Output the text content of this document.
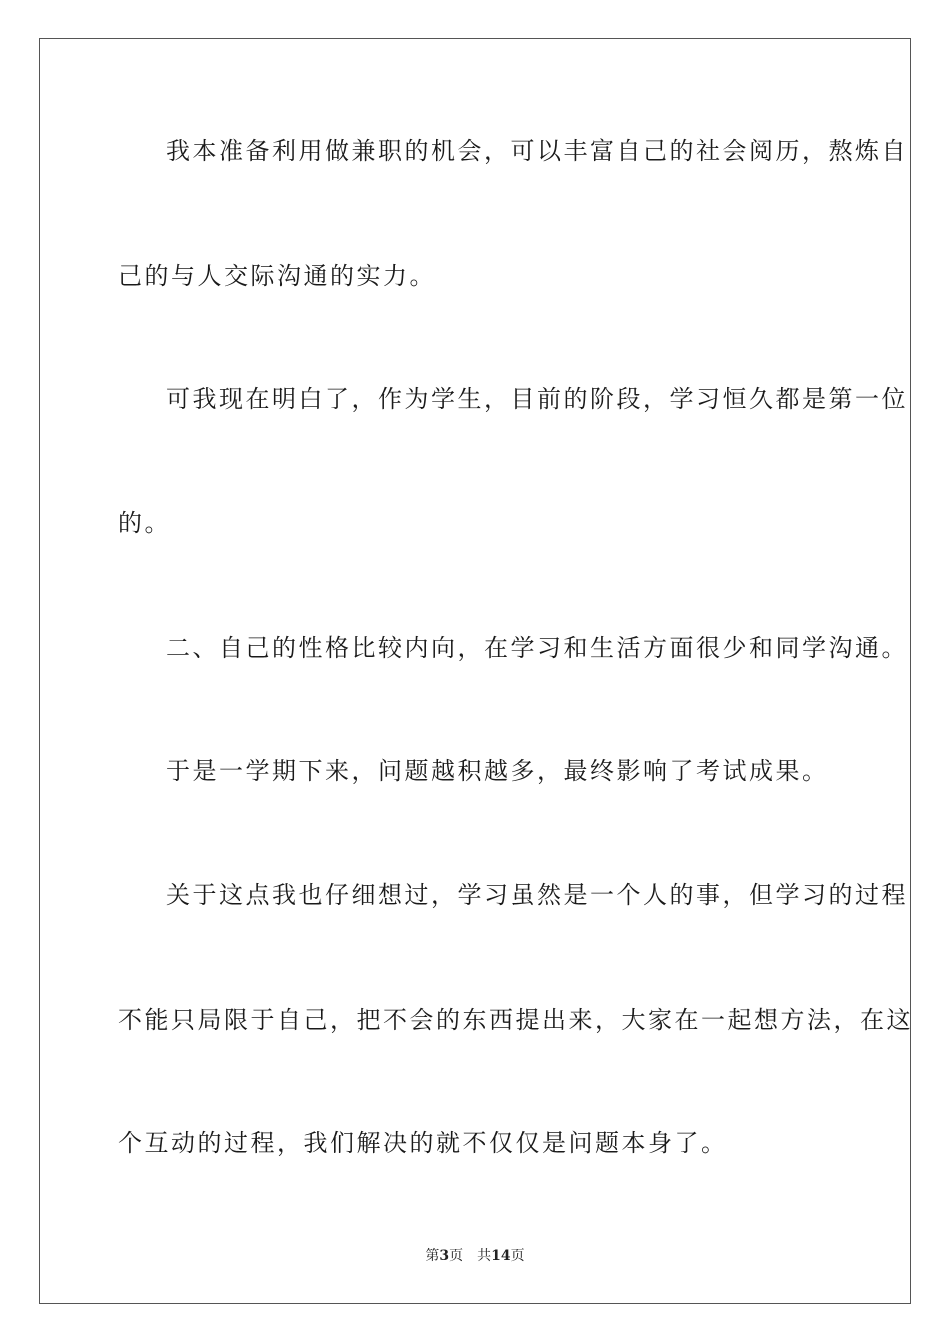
我本准备利用做兼职的机会，可以丰富自己的社会阅历，熬炼自
己的与人交际沟通的实力。
可我现在明白了，作为学生，目前的阶段，学习恒久都是第一位
的。
二、自己的性格比较内向，在学习和生活方面很少和同学沟通。
于是一学期下来，问题越积越多，最终影响了考试成果。
关于这点我也仔细想过，学习虽然是一个人的事，但学习的过程
不能只局限于自己，把不会的东西提出来，大家在一起想方法，在这
个互动的过程，我们解决的就不仅仅是问题本身了。
第3页 共14页
